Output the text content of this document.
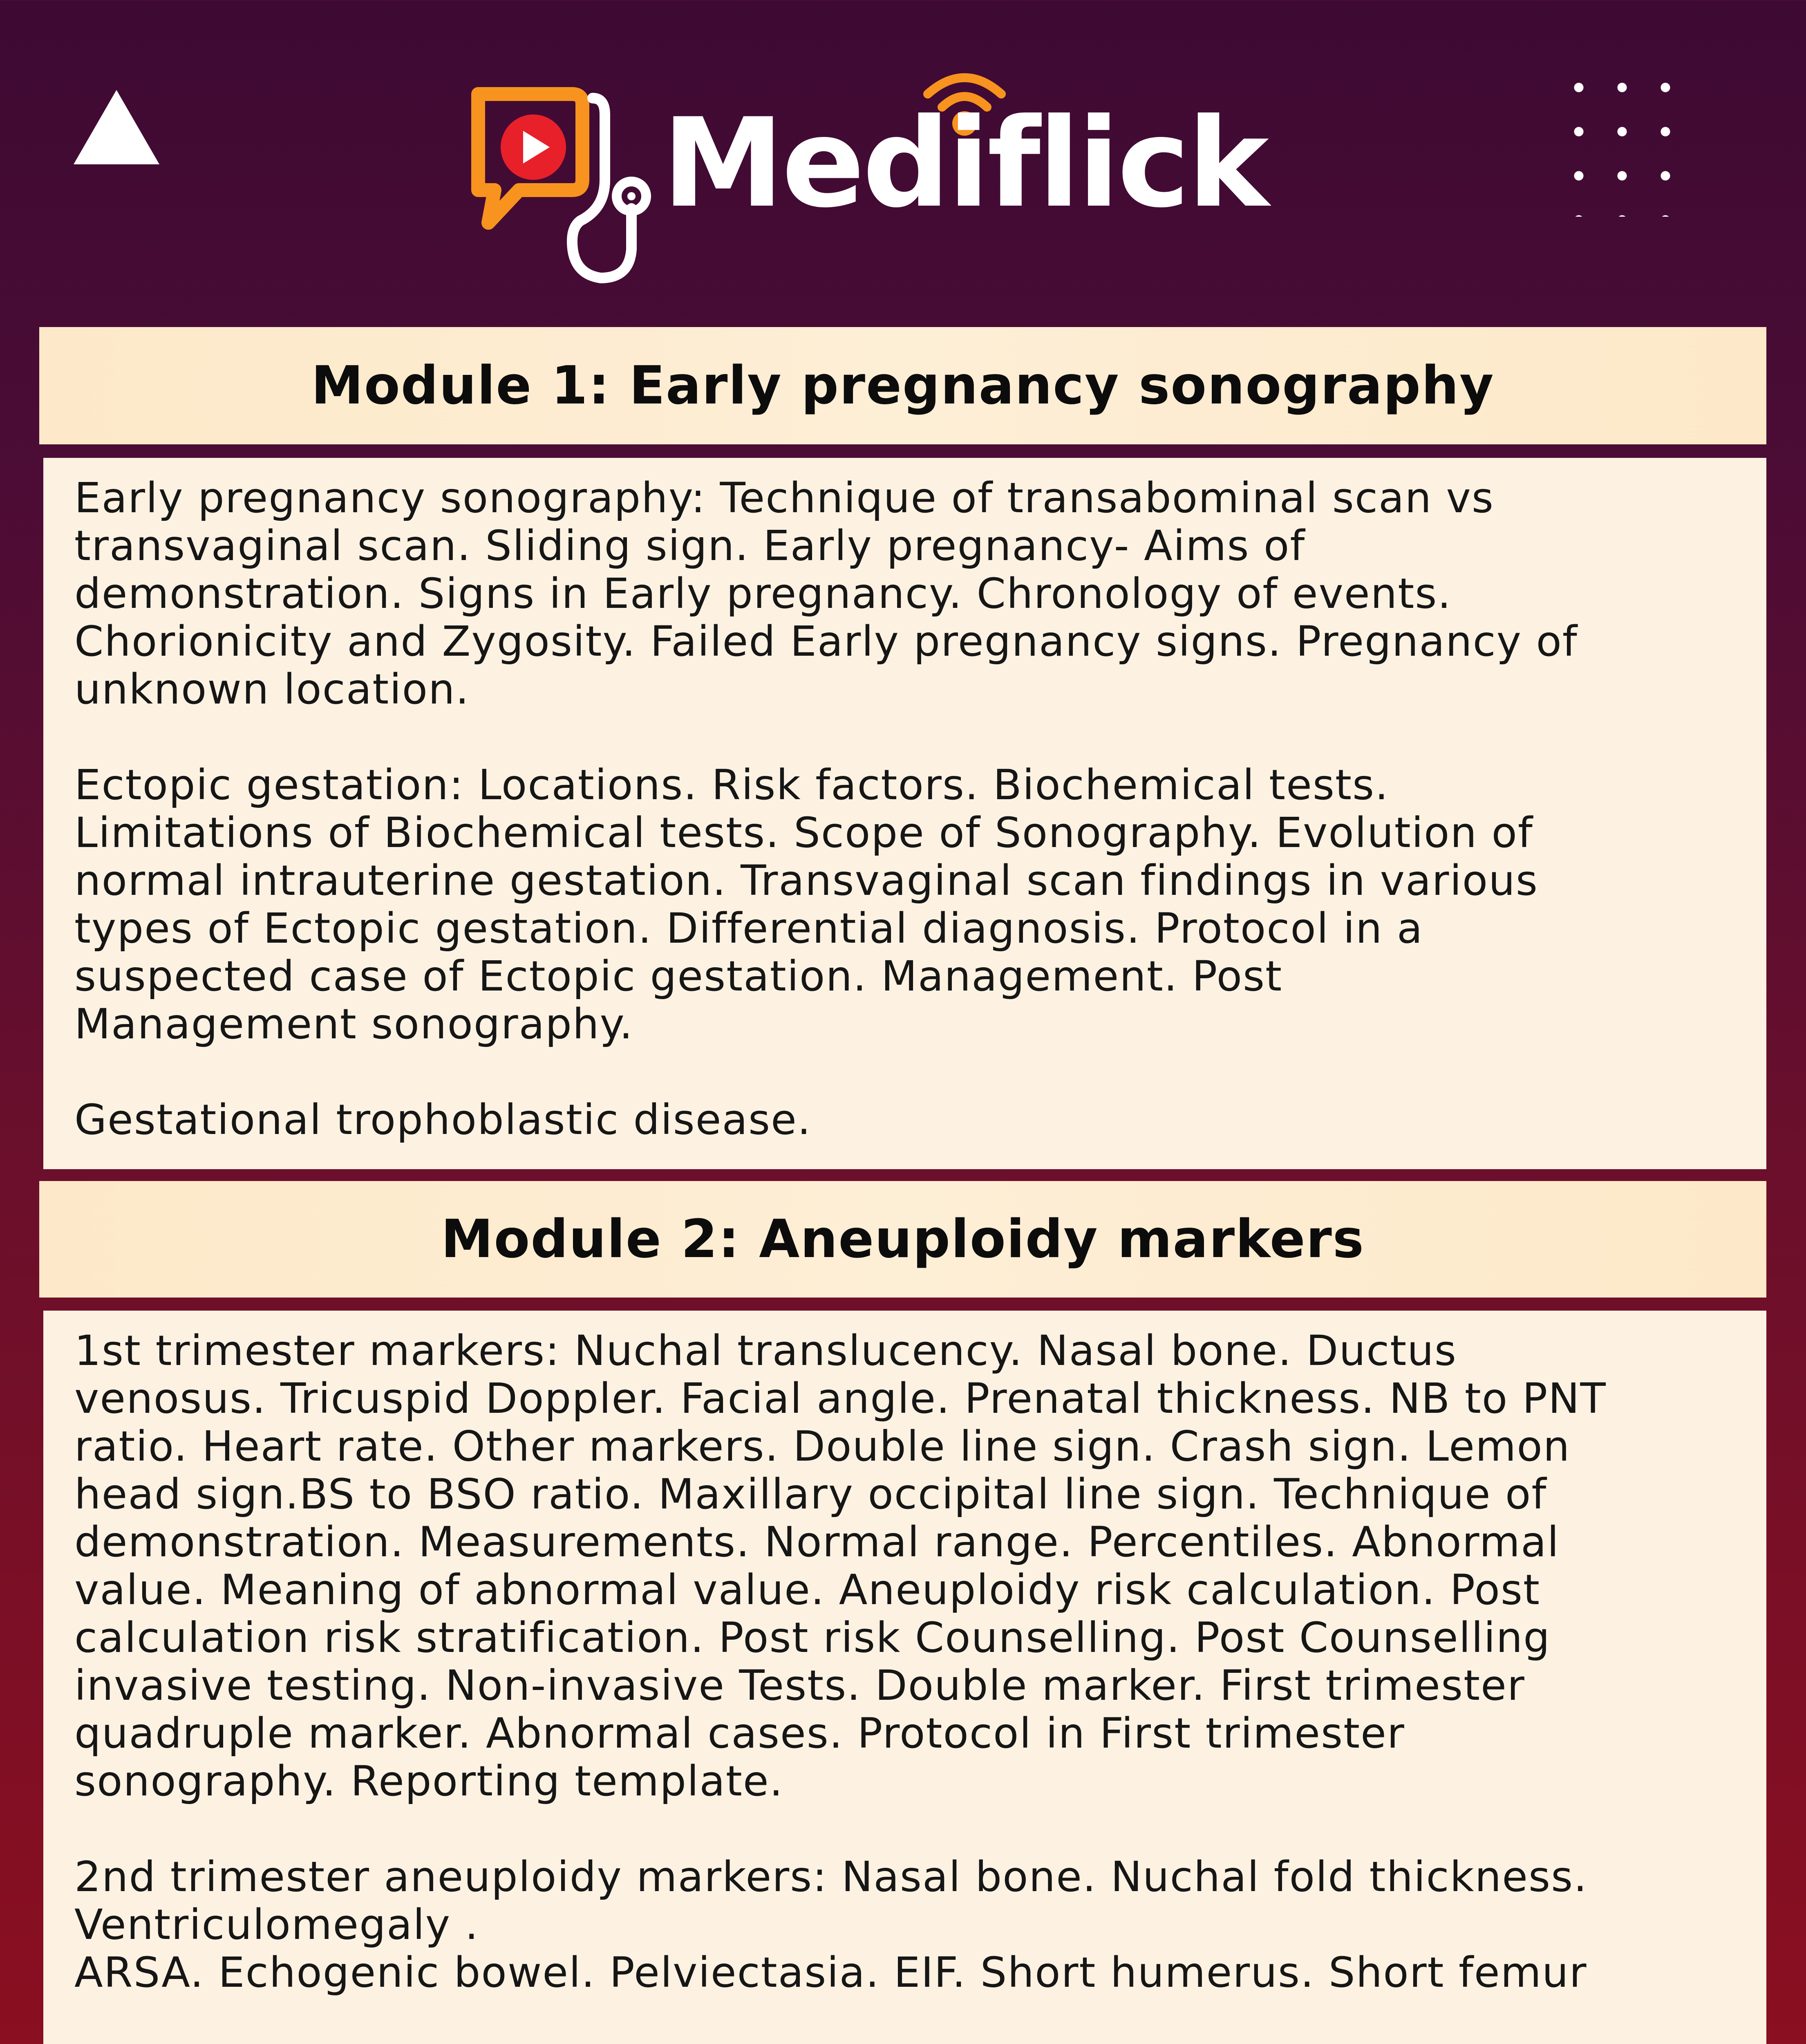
Mediflick
Module 1: Early pregnancy sonography

Early pregnancy sonography: Technique of transabominal scan vs
transvaginal scan. Sliding sign. Early pregnancy- Aims of
demonstration. Signs in Early pregnancy. Chronology of events.
Chorionicity and Zygosity. Failed Early pregnancy signs. Pregnancy of
unknown location.

Ectopic gestation: Locations. Risk factors. Biochemical tests.
Limitations of Biochemical tests. Scope of Sonography. Evolution of
normal intrauterine gestation. Transvaginal scan findings in various
types of Ectopic gestation. Differential diagnosis. Protocol in a
suspected case of Ectopic gestation. Management. Post
Management sonography.

Gestational trophoblastic disease.

Module 2: Aneuploidy markers

1st trimester markers: Nuchal translucency. Nasal bone. Ductus
venosus. Tricuspid Doppler. Facial angle. Prenatal thickness. NB to PNT
ratio. Heart rate. Other markers. Double line sign. Crash sign. Lemon
head sign.BS to BSO ratio. Maxillary occipital line sign. Technique of
demonstration. Measurements. Normal range. Percentiles. Abnormal
value. Meaning of abnormal value. Aneuploidy risk calculation. Post
calculation risk stratification. Post risk Counselling. Post Counselling
invasive testing. Non-invasive Tests. Double marker. First trimester
quadruple marker. Abnormal cases. Protocol in First trimester
sonography. Reporting template.

2nd trimester aneuploidy markers: Nasal bone. Nuchal fold thickness.
Ventriculomegaly .
ARSA. Echogenic bowel. Pelviectasia. EIF. Short humerus. Short femur
